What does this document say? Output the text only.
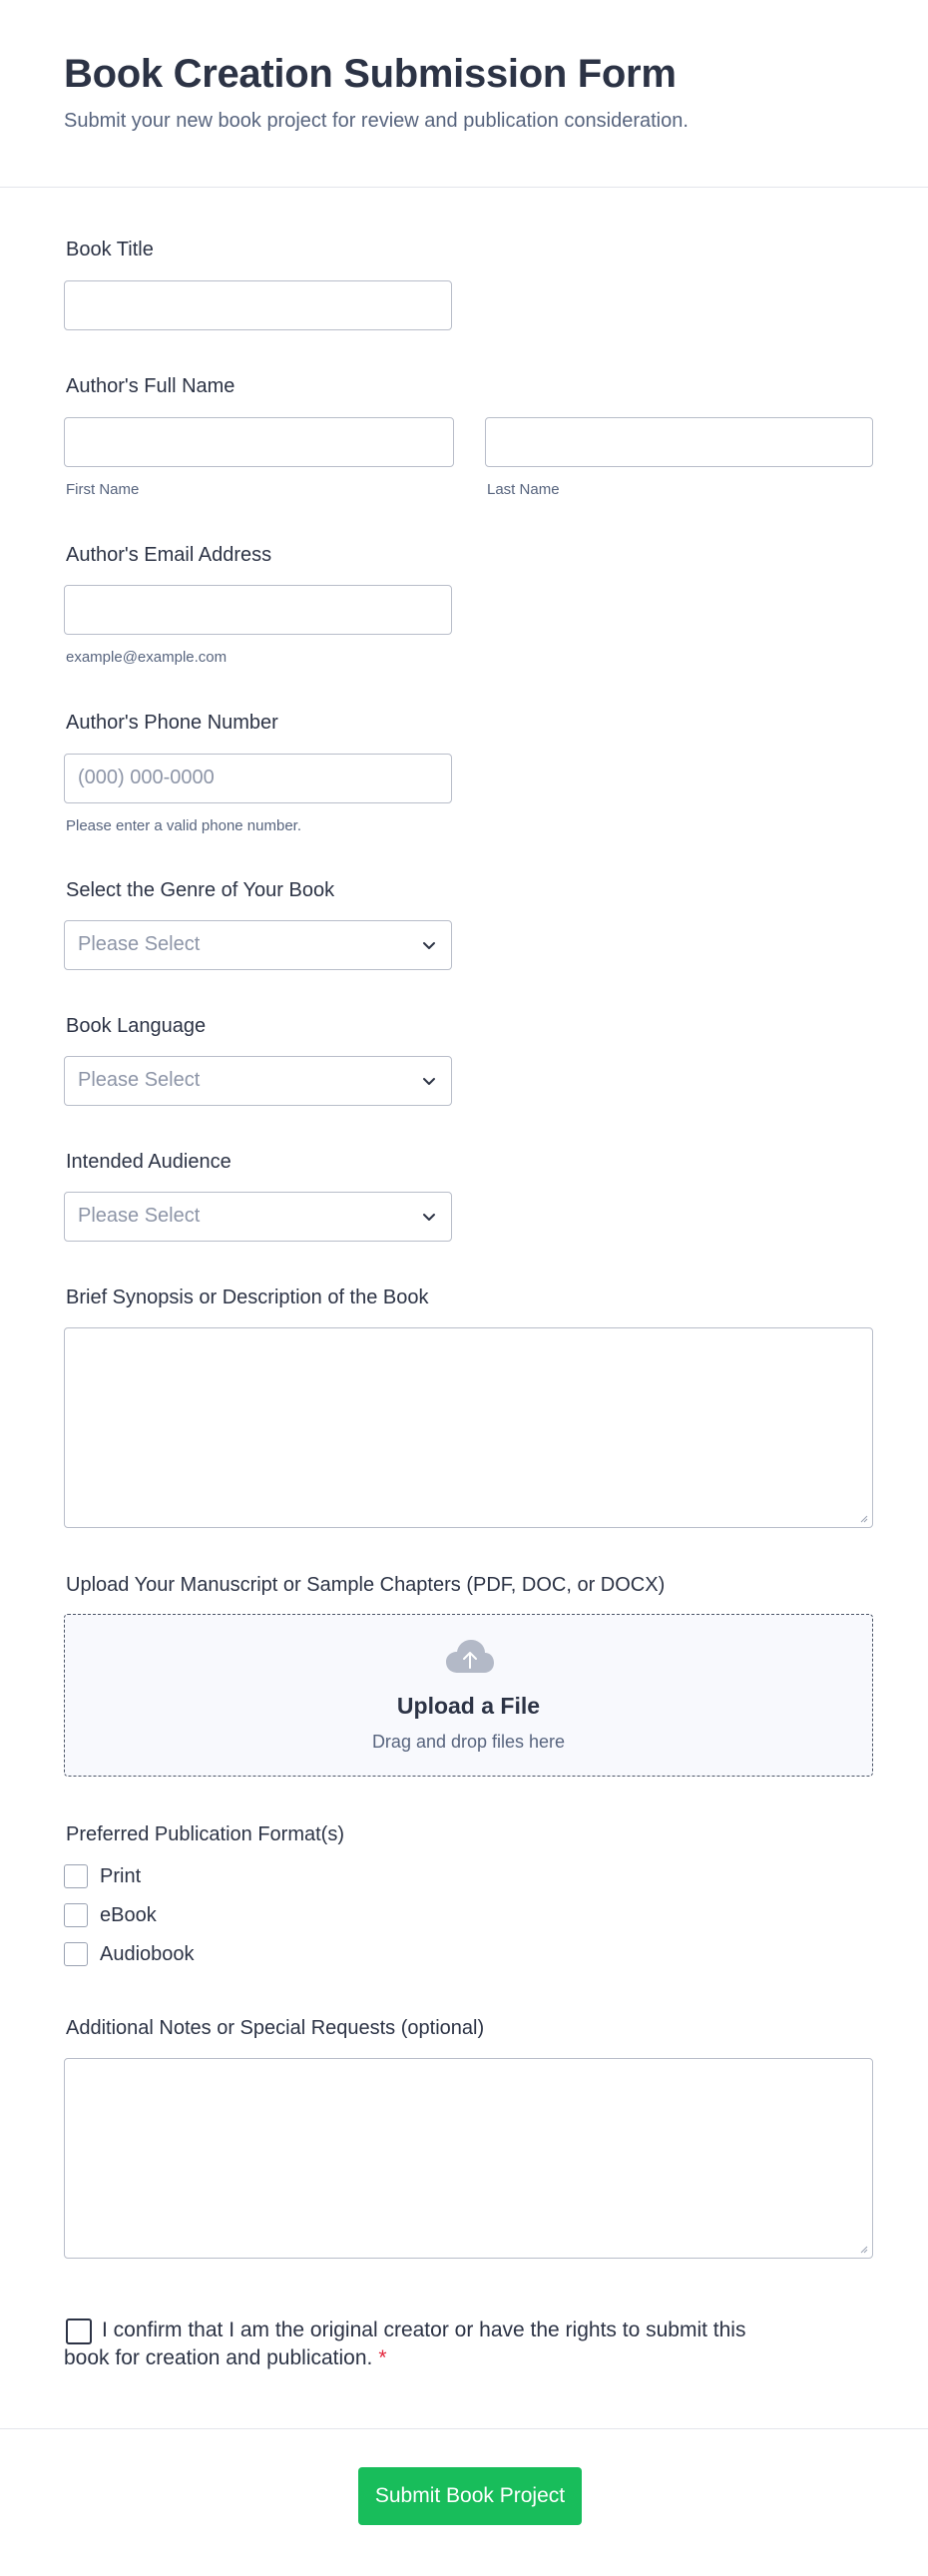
Book Creation Submission Form
Submit your new book project for review and publication consideration.
Book Title
Author's Full Name
First Name	Last Name
Author's Email Address
example@example.com
Author's Phone Number
(000) 000-0000
Please enter a valid phone number.
Select the Genre of Your Book
Please Select
Book Language
Please Select
Intended Audience
Please Select
Brief Synopsis or Description of the Book
Upload Your Manuscript or Sample Chapters (PDF, DOC, or DOCX)
Upload a File
Drag and drop files here
Preferred Publication Format(s)
Print
eBook
Audiobook
Additional Notes or Special Requests (optional)
I confirm that I am the original creator or have the rights to submit this
book for creation and publication. *
Submit Book Project
